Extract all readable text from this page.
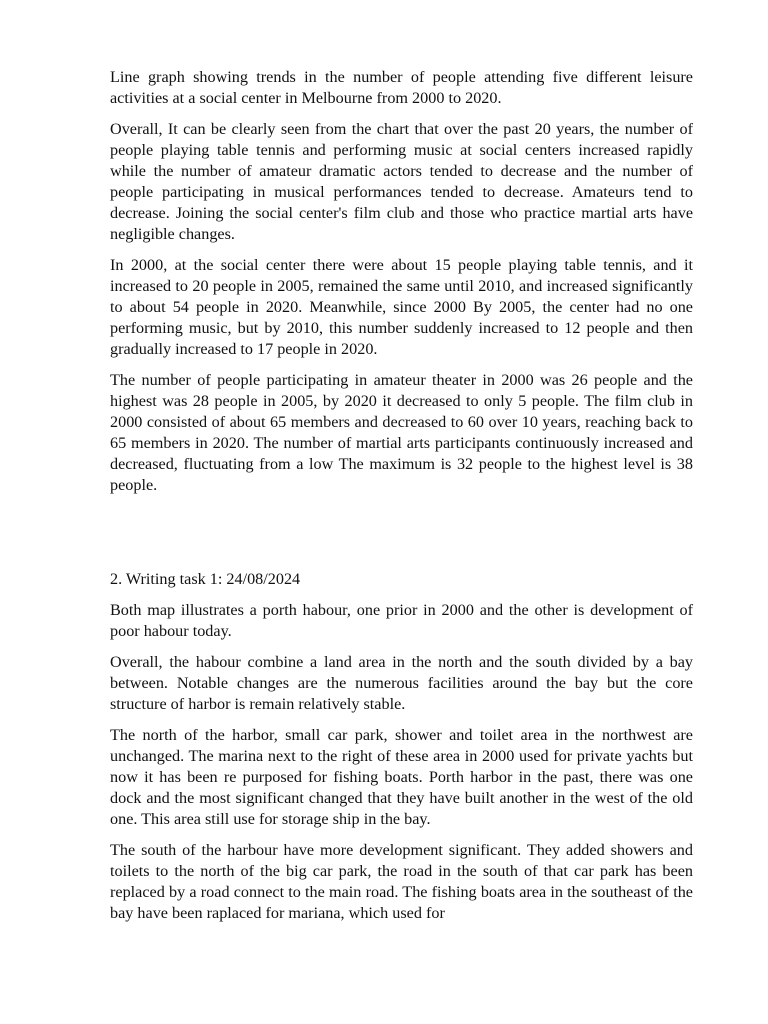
Line graph showing trends in the number of people attending five different leisure activities at a social center in Melbourne from 2000 to 2020.

Overall, It can be clearly seen from the chart that over the past 20 years, the number of people playing table tennis and performing music at social centers increased rapidly while the number of amateur dramatic actors tended to decrease and the number of people participating in musical performances tended to decrease. Amateurs tend to decrease. Joining the social center's film club and those who practice martial arts have negligible changes.

In 2000, at the social center there were about 15 people playing table tennis, and it increased to 20 people in 2005, remained the same until 2010, and increased significantly to about 54 people in 2020. Meanwhile, since 2000 By 2005, the center had no one performing music, but by 2010, this number suddenly increased to 12 people and then gradually increased to 17 people in 2020.

The number of people participating in amateur theater in 2000 was 26 people and the highest was 28 people in 2005, by 2020 it decreased to only 5 people. The film club in 2000 consisted of about 65 members and decreased to 60 over 10 years, reaching back to 65 members in 2020. The number of martial arts participants continuously increased and decreased, fluctuating from a low The maximum is 32 people to the highest level is 38 people.

2. Writing task 1: 24/08/2024

Both map illustrates a porth habour, one prior in 2000 and the other is development of poor habour today.

Overall, the habour combine a land area in the north and the south divided by a bay between. Notable changes are the numerous facilities around the bay but the core structure of harbor is remain relatively stable.

The north of the harbor, small car park, shower and toilet area in the northwest are unchanged. The marina next to the right of these area in 2000 used for private yachts but now it has been re purposed for fishing boats. Porth harbor in the past, there was one dock and the most significant changed that they have built another in the west of the old one. This area still use for storage ship in the bay.

The south of the harbour have more development significant. They added showers and toilets to the north of the big car park, the road in the south of that car park has been replaced by a road connect to the main road. The fishing boats area in the southeast of the bay have been raplaced for mariana, which used for
